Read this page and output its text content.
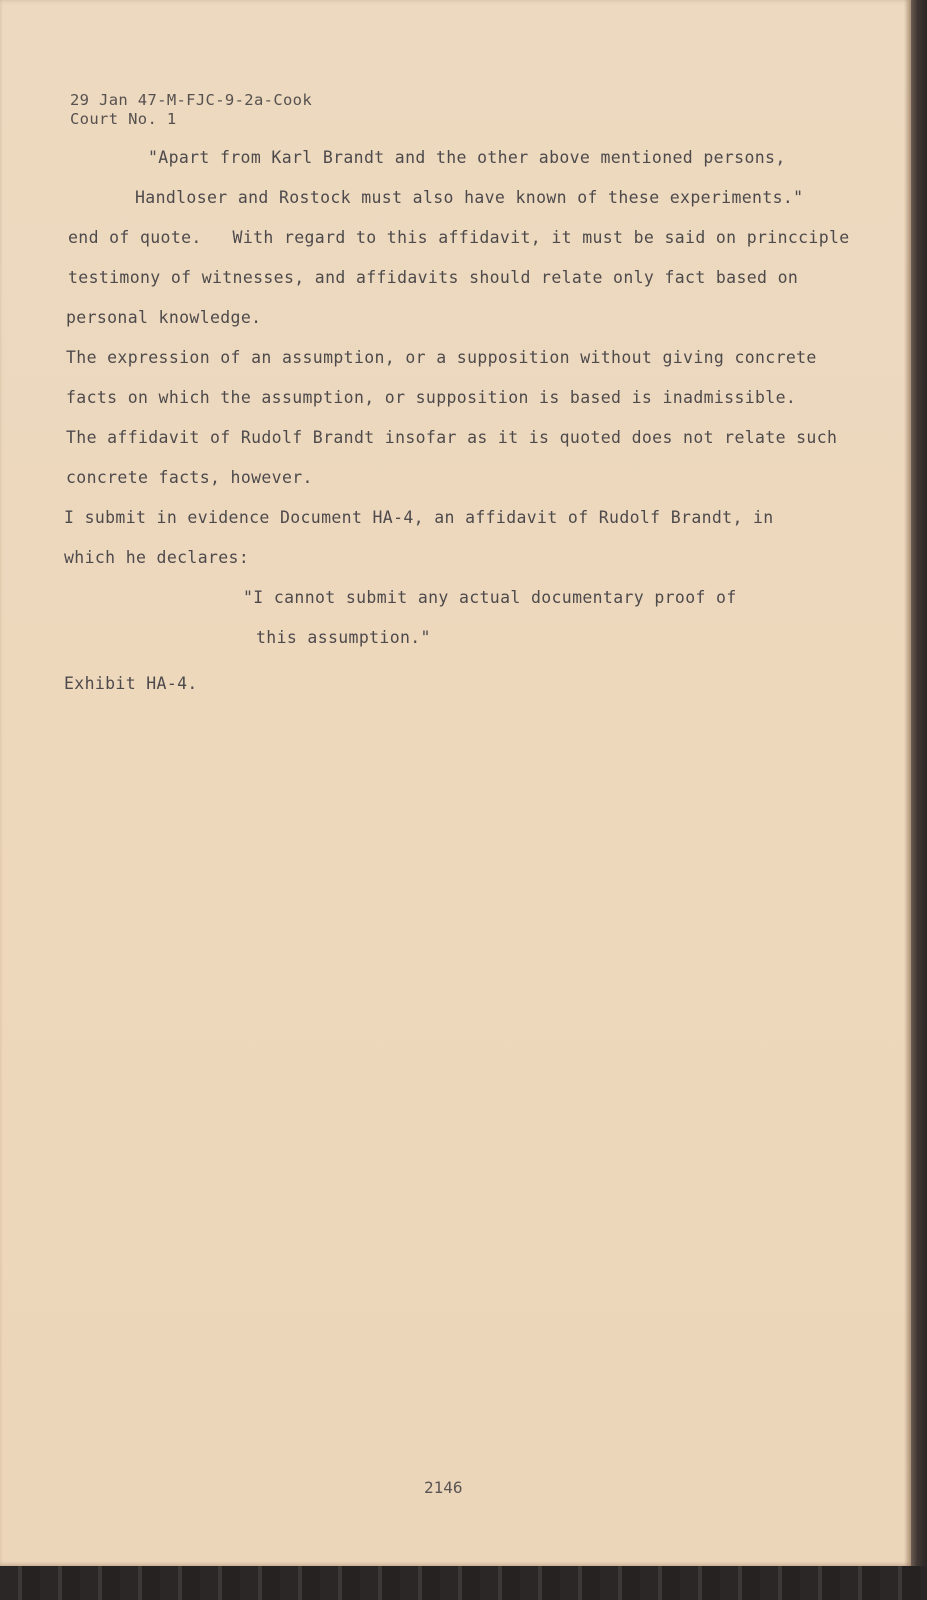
29 Jan 47-M-FJC-9-2a-Cook

Court No. 1

"Apart from Karl Brandt and the other above mentioned persons,

Handloser and Rostock must also have known of these experiments."

end of quote.   With regard to this affidavit, it must be said on princciple

testimony of witnesses, and affidavits should relate only fact based on

personal knowledge.

The expression of an assumption, or a supposition without giving concrete

facts on which the assumption, or supposition is based is inadmissible.

The affidavit of Rudolf Brandt insofar as it is quoted does not relate such

concrete facts, however.

I submit in evidence Document HA-4, an affidavit of Rudolf Brandt, in

which he declares:

"I cannot submit any actual documentary proof of

this assumption."

Exhibit HA-4.

2146
